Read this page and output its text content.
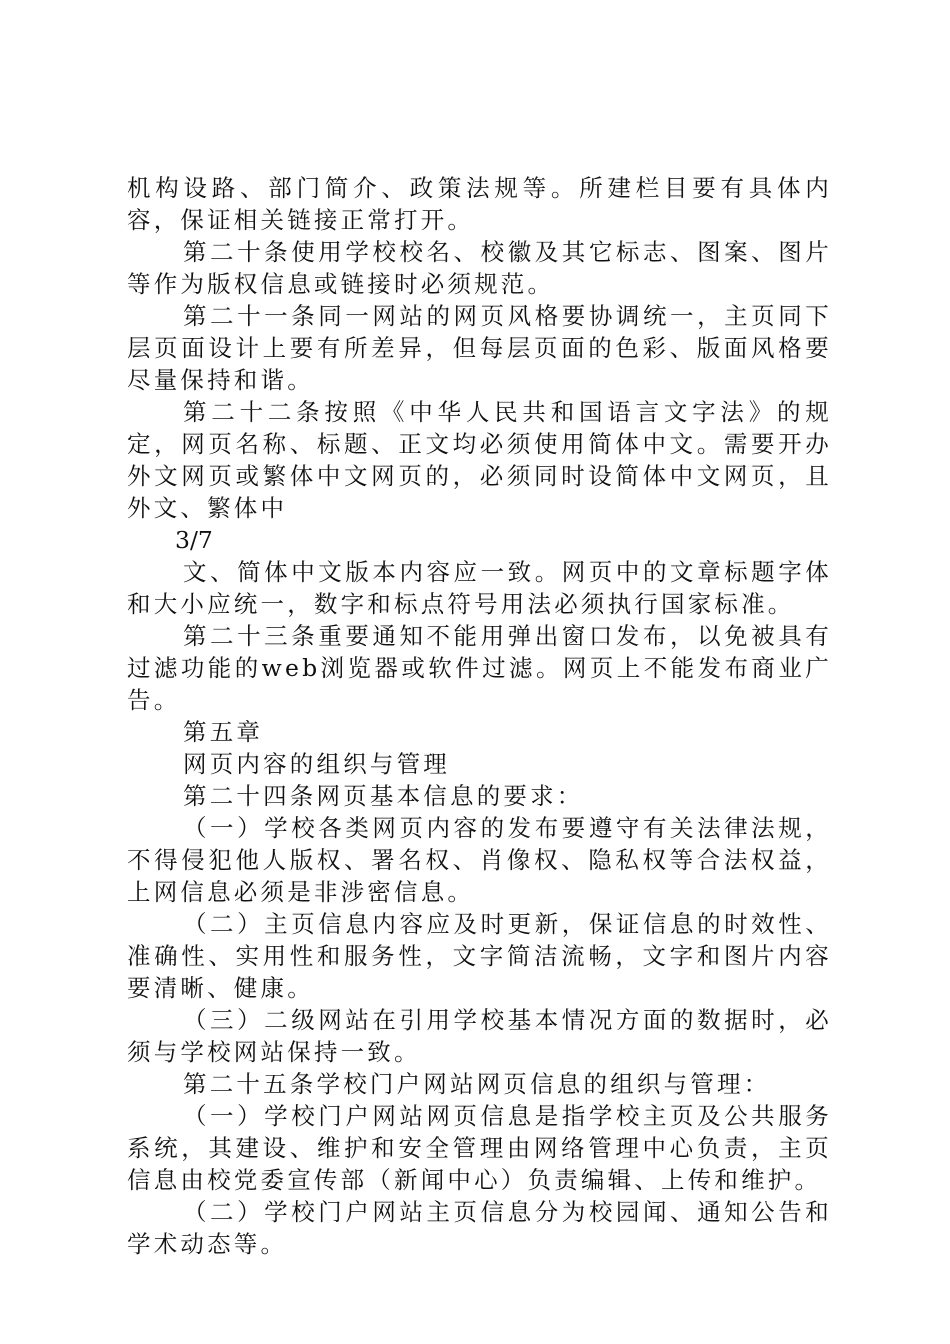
机构设路、部门简介、政策法规等。所建栏目要有具体内容，保证相关链接正常打开。

第二十条使用学校校名、校徽及其它标志、图案、图片等作为版权信息或链接时必须规范。

第二十一条同一网站的网页风格要协调统一，主页同下层页面设计上要有所差异，但每层页面的色彩、版面风格要尽量保持和谐。

第二十二条按照《中华人民共和国语言文字法》的规定，网页名称、标题、正文均必须使用简体中文。需要开办外文网页或繁体中文网页的，必须同时设简体中文网页，且外文、繁体中

3/7

文、简体中文版本内容应一致。网页中的文章标题字体和大小应统一，数字和标点符号用法必须执行国家标准。

第二十三条重要通知不能用弹出窗口发布，以免被具有过滤功能的web浏览器或软件过滤。网页上不能发布商业广告。

第五章

网页内容的组织与管理

第二十四条网页基本信息的要求：

（一）学校各类网页内容的发布要遵守有关法律法规，不得侵犯他人版权、署名权、肖像权、隐私权等合法权益，上网信息必须是非涉密信息。

（二）主页信息内容应及时更新，保证信息的时效性、准确性、实用性和服务性，文字简洁流畅，文字和图片内容要清晰、健康。

（三）二级网站在引用学校基本情况方面的数据时，必须与学校网站保持一致。

第二十五条学校门户网站网页信息的组织与管理：

（一）学校门户网站网页信息是指学校主页及公共服务系统，其建设、维护和安全管理由网络管理中心负责，主页信息由校党委宣传部（新闻中心）负责编辑、上传和维护。

（二）学校门户网站主页信息分为校园闻、通知公告和学术动态等。
